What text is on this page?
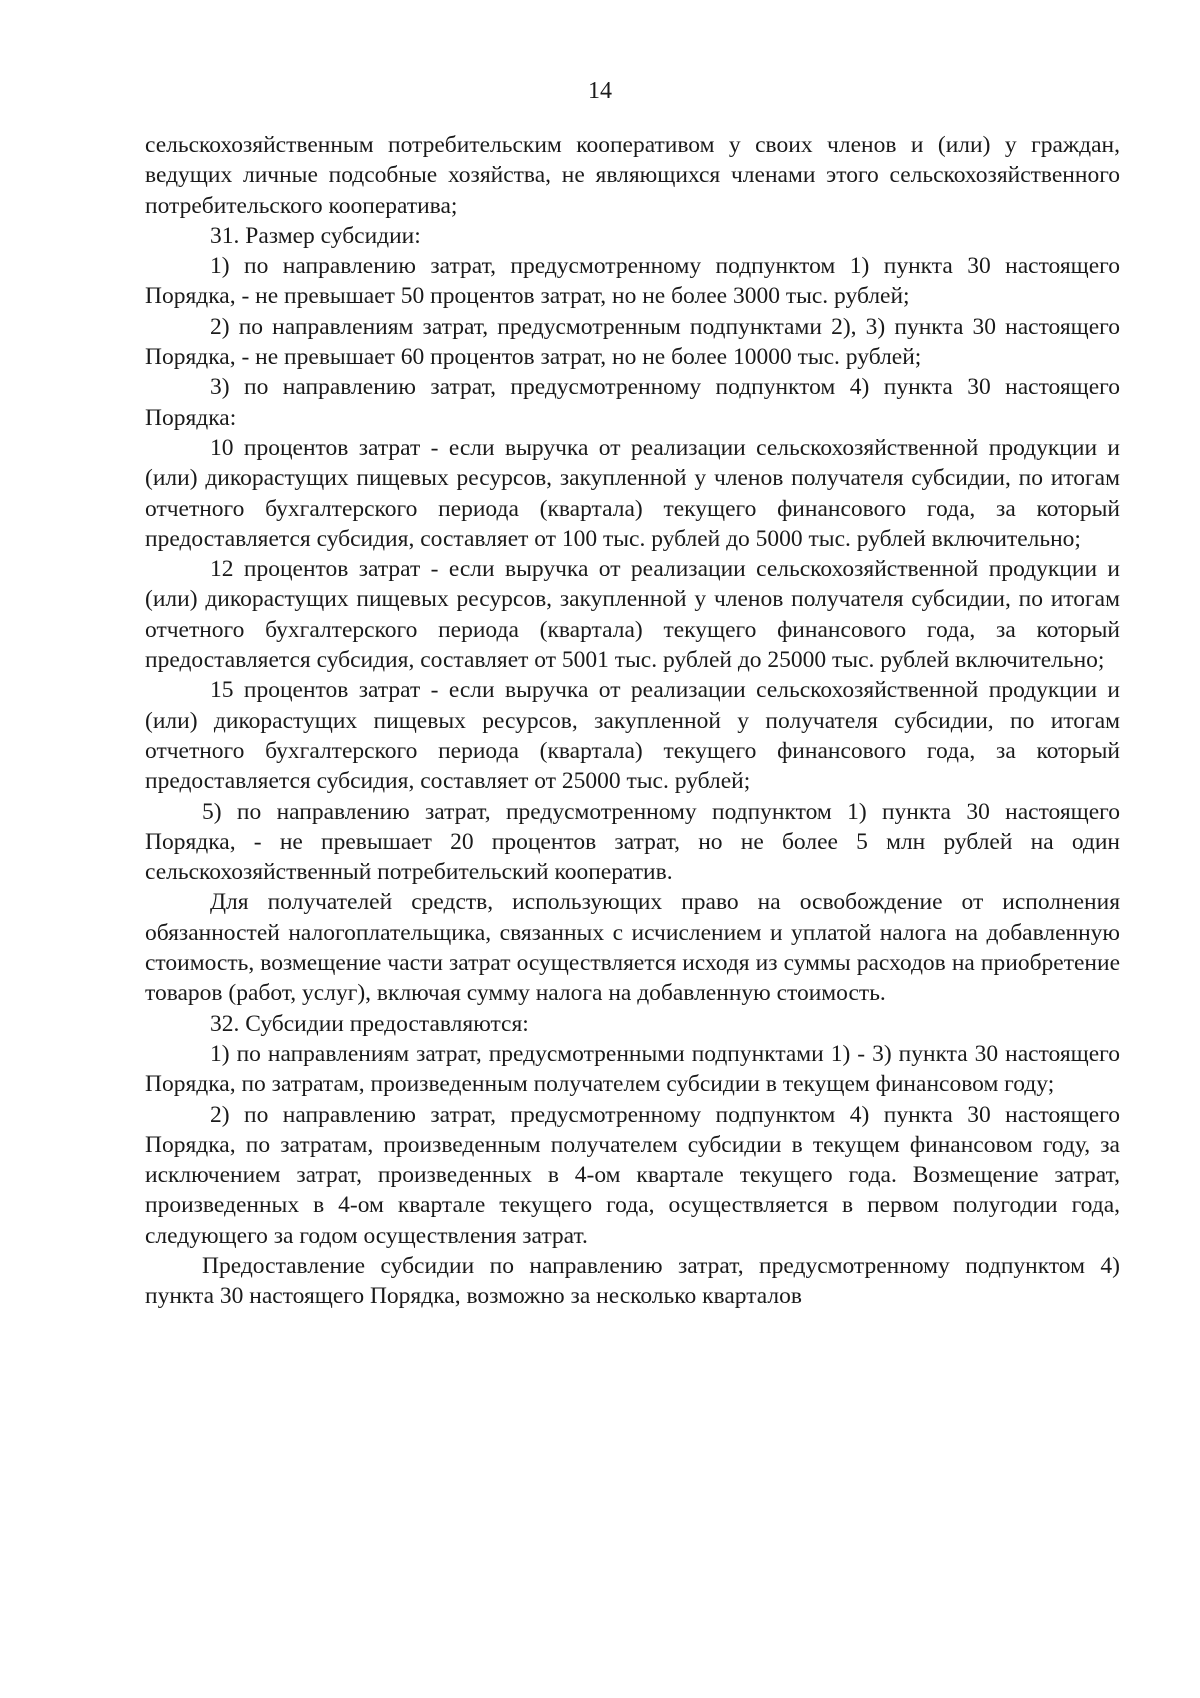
14

сельскохозяйственным потребительским кооперативом у своих членов и (или) у граждан, ведущих личные подсобные хозяйства, не являющихся членами этого сельскохозяйственного потребительского кооператива;

31. Размер субсидии:

1) по направлению затрат, предусмотренному подпунктом 1) пункта 30 настоящего Порядка, - не превышает 50 процентов затрат, но не более 3000 тыс. рублей;

2) по направлениям затрат, предусмотренным подпунктами 2), 3) пункта 30 настоящего Порядка, - не превышает 60 процентов затрат, но не более 10000 тыс. рублей;

3) по направлению затрат, предусмотренному подпунктом 4) пункта 30 настоящего Порядка:

10 процентов затрат - если выручка от реализации сельскохозяйственной продукции и (или) дикорастущих пищевых ресурсов, закупленной у членов получателя субсидии, по итогам отчетного бухгалтерского периода (квартала) текущего финансового года, за который предоставляется субсидия, составляет от 100 тыс. рублей до 5000 тыс. рублей включительно;

12 процентов затрат - если выручка от реализации сельскохозяйственной продукции и (или) дикорастущих пищевых ресурсов, закупленной у членов получателя субсидии, по итогам отчетного бухгалтерского периода (квартала) текущего финансового года, за который предоставляется субсидия, составляет от 5001 тыс. рублей до 25000 тыс. рублей включительно;

15 процентов затрат - если выручка от реализации сельскохозяйственной продукции и (или) дикорастущих пищевых ресурсов, закупленной у получателя субсидии, по итогам отчетного бухгалтерского периода (квартала) текущего финансового года, за который предоставляется субсидия, составляет от 25000 тыс. рублей;

5) по направлению затрат, предусмотренному подпунктом 1) пункта 30 настоящего Порядка, - не превышает 20 процентов затрат, но не более 5 млн рублей на один сельскохозяйственный потребительский кооператив.

Для получателей средств, использующих право на освобождение от исполнения обязанностей налогоплательщика, связанных с исчислением и уплатой налога на добавленную стоимость, возмещение части затрат осуществляется исходя из суммы расходов на приобретение товаров (работ, услуг), включая сумму налога на добавленную стоимость.

32. Субсидии предоставляются:

1) по направлениям затрат, предусмотренными подпунктами 1) - 3) пункта 30 настоящего Порядка, по затратам, произведенным получателем субсидии в текущем финансовом году;

2) по направлению затрат, предусмотренному подпунктом 4) пункта 30 настоящего Порядка, по затратам, произведенным получателем субсидии в текущем финансовом году, за исключением затрат, произведенных в 4-ом квартале текущего года. Возмещение затрат, произведенных в 4-ом квартале текущего года, осуществляется в первом полугодии года, следующего за годом осуществления затрат.

Предоставление субсидии по направлению затрат, предусмотренному подпунктом 4) пункта 30 настоящего Порядка, возможно за несколько кварталов
